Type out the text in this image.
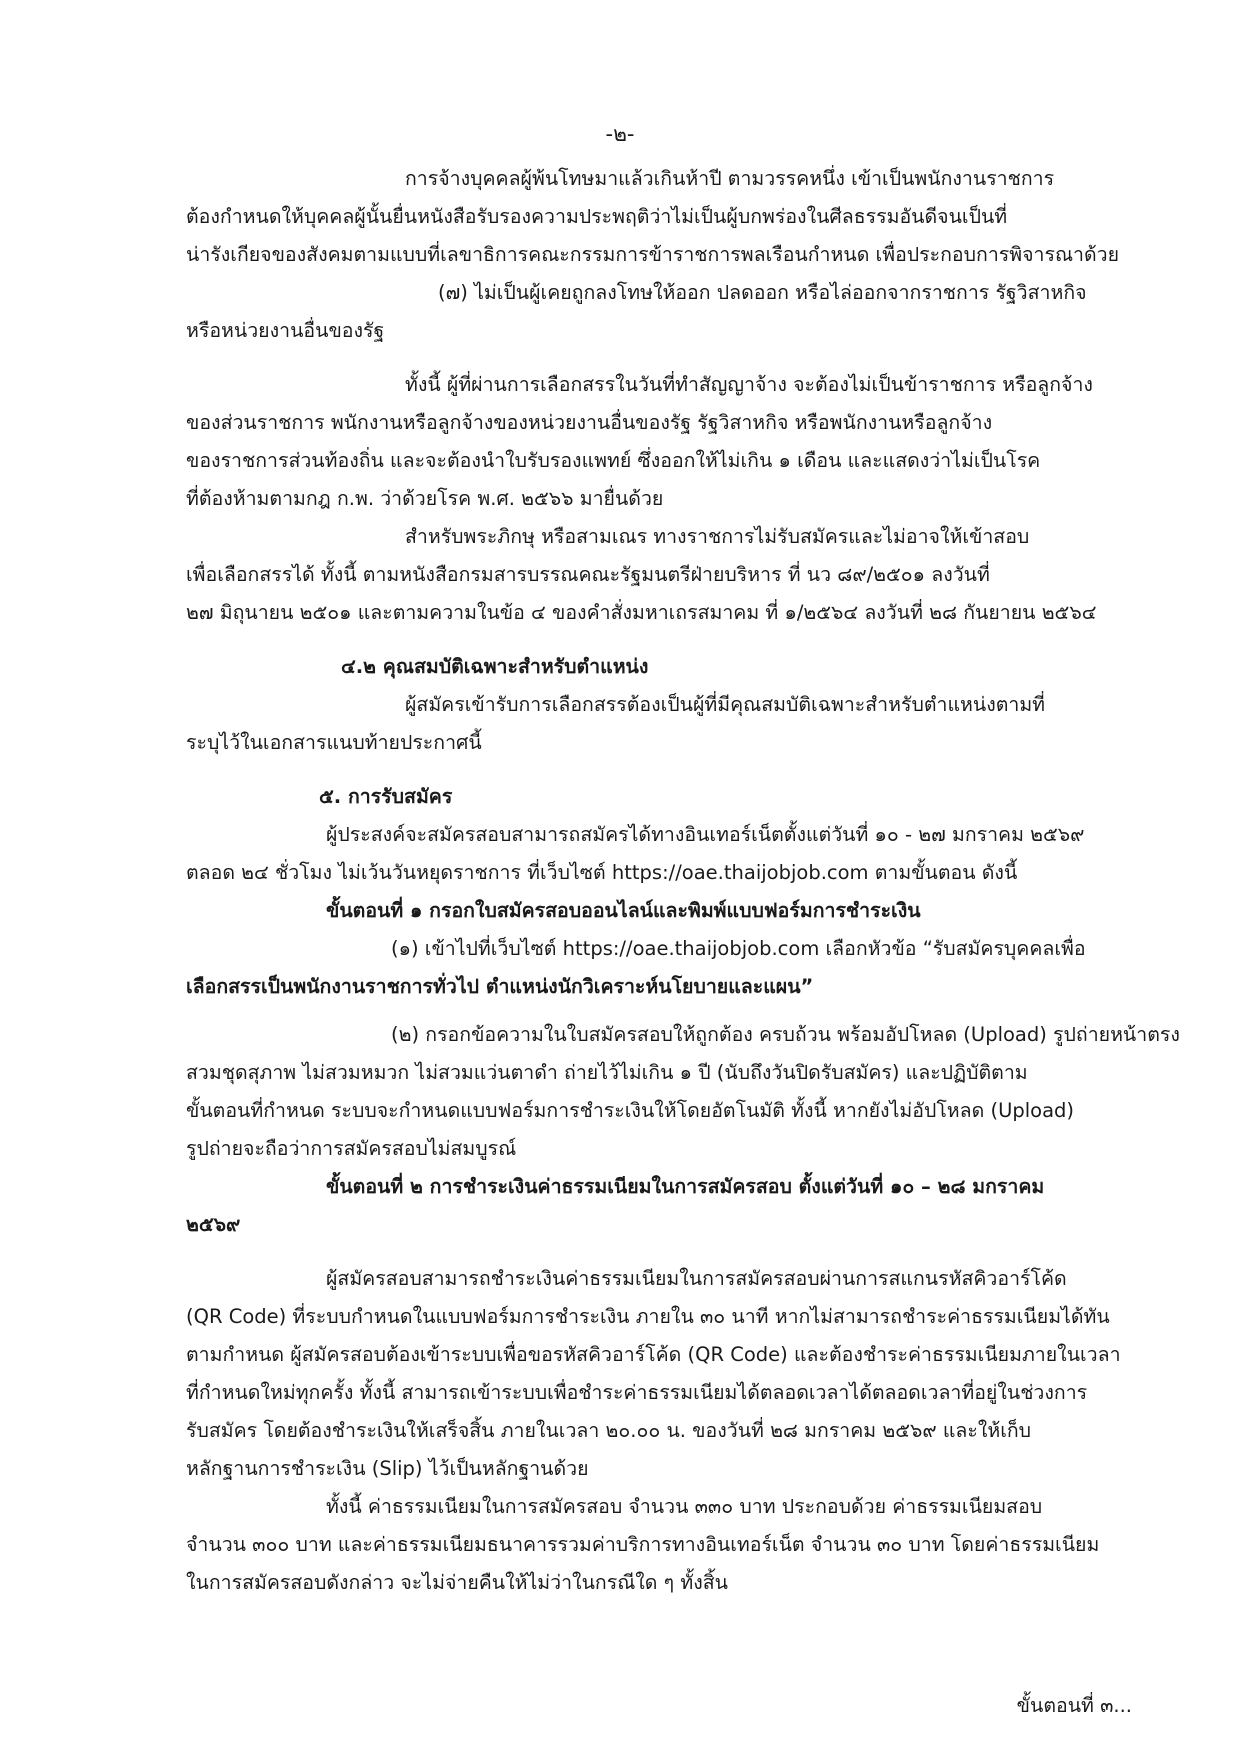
-๒-
การจ้างบุคคลผู้พ้นโทษมาแล้วเกินห้าปี ตามวรรคหนึ่ง เข้าเป็นพนักงานราชการ
ต้องกำหนดให้บุคคลผู้นั้นยื่นหนังสือรับรองความประพฤติว่าไม่เป็นผู้บกพร่องในศีลธรรมอันดีจนเป็นที่
น่ารังเกียจของสังคมตามแบบที่เลขาธิการคณะกรรมการข้าราชการพลเรือนกำหนด เพื่อประกอบการพิจารณาด้วย
(๗) ไม่เป็นผู้เคยถูกลงโทษให้ออก ปลดออก หรือไล่ออกจากราชการ รัฐวิสาหกิจ
หรือหน่วยงานอื่นของรัฐ
ทั้งนี้ ผู้ที่ผ่านการเลือกสรรในวันที่ทำสัญญาจ้าง จะต้องไม่เป็นข้าราชการ หรือลูกจ้าง
ของส่วนราชการ พนักงานหรือลูกจ้างของหน่วยงานอื่นของรัฐ รัฐวิสาหกิจ หรือพนักงานหรือลูกจ้าง
ของราชการส่วนท้องถิ่น และจะต้องนำใบรับรองแพทย์ ซึ่งออกให้ไม่เกิน ๑ เดือน และแสดงว่าไม่เป็นโรค
ที่ต้องห้ามตามกฎ ก.พ. ว่าด้วยโรค พ.ศ. ๒๕๖๖ มายื่นด้วย
สำหรับพระภิกษุ หรือสามเณร ทางราชการไม่รับสมัครและไม่อาจให้เข้าสอบ
เพื่อเลือกสรรได้ ทั้งนี้ ตามหนังสือกรมสารบรรณคณะรัฐมนตรีฝ่ายบริหาร ที่ นว ๘๙/๒๕๐๑ ลงวันที่
๒๗ มิถุนายน ๒๕๐๑ และตามความในข้อ ๔ ของคำสั่งมหาเถรสมาคม ที่ ๑/๒๕๖๔ ลงวันที่ ๒๘ กันยายน ๒๕๖๔
๔.๒ คุณสมบัติเฉพาะสำหรับตำแหน่ง
ผู้สมัครเข้ารับการเลือกสรรต้องเป็นผู้ที่มีคุณสมบัติเฉพาะสำหรับตำแหน่งตามที่
ระบุไว้ในเอกสารแนบท้ายประกาศนี้
๕. การรับสมัคร
ผู้ประสงค์จะสมัครสอบสามารถสมัครได้ทางอินเทอร์เน็ตตั้งแต่วันที่ ๑๐ - ๒๗ มกราคม ๒๕๖๙
ตลอด ๒๔ ชั่วโมง ไม่เว้นวันหยุดราชการ ที่เว็บไซต์ https://oae.thaijobjob.com ตามขั้นตอน ดังนี้
ขั้นตอนที่ ๑ กรอกใบสมัครสอบออนไลน์และพิมพ์แบบฟอร์มการชำระเงิน
(๑) เข้าไปที่เว็บไซต์ https://oae.thaijobjob.com เลือกหัวข้อ “รับสมัครบุคคลเพื่อ
เลือกสรรเป็นพนักงานราชการทั่วไป ตำแหน่งนักวิเคราะห์นโยบายและแผน”
(๒) กรอกข้อความในใบสมัครสอบให้ถูกต้อง ครบถ้วน พร้อมอัปโหลด (Upload) รูปถ่ายหน้าตรง
สวมชุดสุภาพ ไม่สวมหมวก ไม่สวมแว่นตาดำ ถ่ายไว้ไม่เกิน ๑ ปี (นับถึงวันปิดรับสมัคร) และปฏิบัติตาม
ขั้นตอนที่กำหนด ระบบจะกำหนดแบบฟอร์มการชำระเงินให้โดยอัตโนมัติ ทั้งนี้ หากยังไม่อัปโหลด (Upload)
รูปถ่ายจะถือว่าการสมัครสอบไม่สมบูรณ์
ขั้นตอนที่ ๒ การชำระเงินค่าธรรมเนียมในการสมัครสอบ ตั้งแต่วันที่ ๑๐ – ๒๘ มกราคม
๒๕๖๙
ผู้สมัครสอบสามารถชำระเงินค่าธรรมเนียมในการสมัครสอบผ่านการสแกนรหัสคิวอาร์โค้ด
(QR Code) ที่ระบบกำหนดในแบบฟอร์มการชำระเงิน ภายใน ๓๐ นาที หากไม่สามารถชำระค่าธรรมเนียมได้ทัน
ตามกำหนด ผู้สมัครสอบต้องเข้าระบบเพื่อขอรหัสคิวอาร์โค้ด (QR Code) และต้องชำระค่าธรรมเนียมภายในเวลา
ที่กำหนดใหม่ทุกครั้ง ทั้งนี้ สามารถเข้าระบบเพื่อชำระค่าธรรมเนียมได้ตลอดเวลาได้ตลอดเวลาที่อยู่ในช่วงการ
รับสมัคร โดยต้องชำระเงินให้เสร็จสิ้น ภายในเวลา ๒๐.๐๐ น. ของวันที่ ๒๘ มกราคม ๒๕๖๙ และให้เก็บ
หลักฐานการชำระเงิน (Slip) ไว้เป็นหลักฐานด้วย
ทั้งนี้ ค่าธรรมเนียมในการสมัครสอบ จำนวน ๓๓๐ บาท ประกอบด้วย ค่าธรรมเนียมสอบ
จำนวน ๓๐๐ บาท และค่าธรรมเนียมธนาคารรวมค่าบริการทางอินเทอร์เน็ต จำนวน ๓๐ บาท โดยค่าธรรมเนียม
ในการสมัครสอบดังกล่าว จะไม่จ่ายคืนให้ไม่ว่าในกรณีใด ๆ ทั้งสิ้น
ขั้นตอนที่ ๓...
